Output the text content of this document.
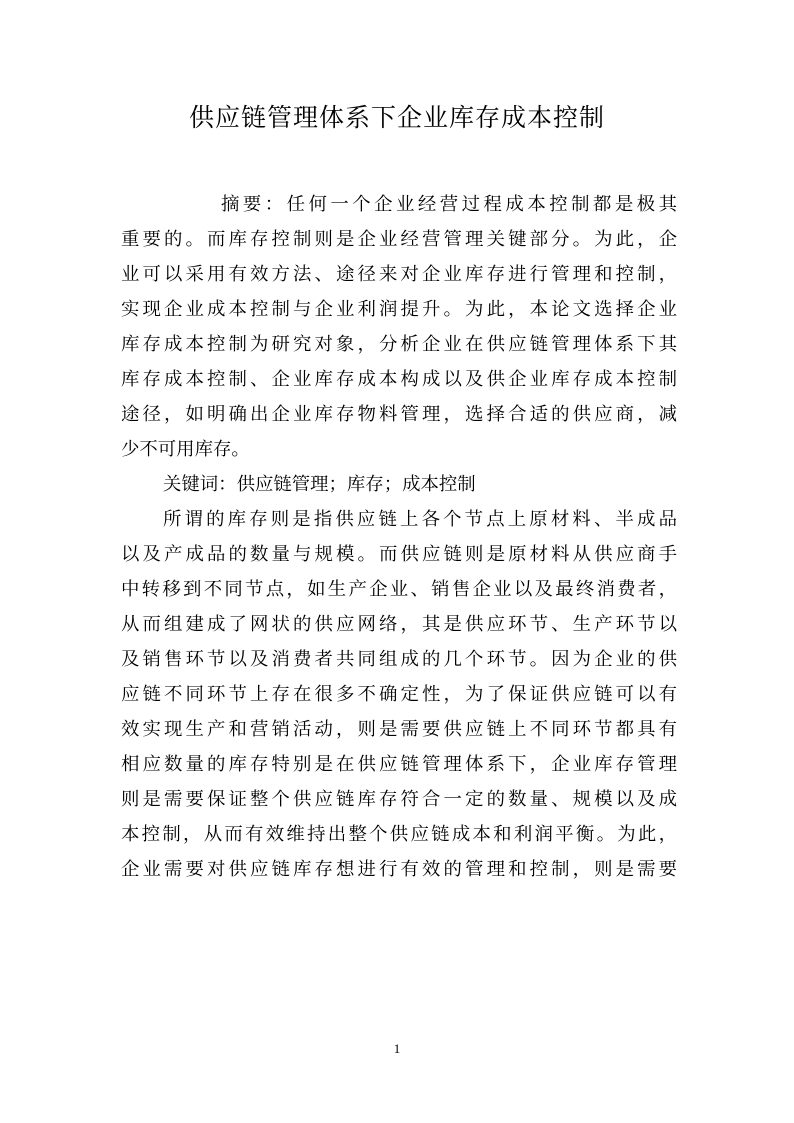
供应链管理体系下企业库存成本控制
摘要：任何一个企业经营过程成本控制都是极其
重要的。而库存控制则是企业经营管理关键部分。为此，企
业可以采用有效方法、途径来对企业库存进行管理和控制，
实现企业成本控制与企业利润提升。为此，本论文选择企业
库存成本控制为研究对象，分析企业在供应链管理体系下其
库存成本控制、企业库存成本构成以及供企业库存成本控制
途径，如明确出企业库存物料管理，选择合适的供应商，减
少不可用库存。
关键词：供应链管理；库存；成本控制
所谓的库存则是指供应链上各个节点上原材料、半成品
以及产成品的数量与规模。而供应链则是原材料从供应商手
中转移到不同节点，如生产企业、销售企业以及最终消费者，
从而组建成了网状的供应网络，其是供应环节、生产环节以
及销售环节以及消费者共同组成的几个环节。因为企业的供
应链不同环节上存在很多不确定性，为了保证供应链可以有
效实现生产和营销活动，则是需要供应链上不同环节都具有
相应数量的库存特别是在供应链管理体系下，企业库存管理
则是需要保证整个供应链库存符合一定的数量、规模以及成
本控制，从而有效维持出整个供应链成本和利润平衡。为此，
企业需要对供应链库存想进行有效的管理和控制，则是需要
1
